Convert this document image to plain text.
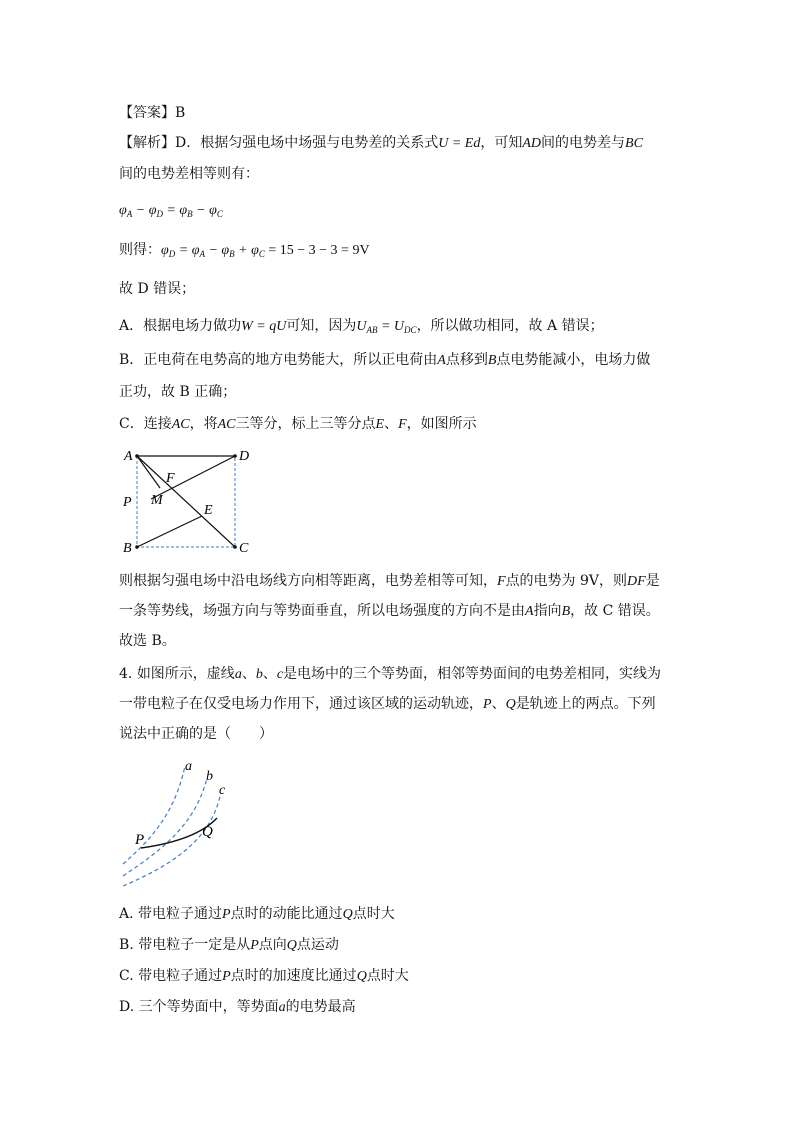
【答案】B
【解析】D．根据匀强电场中场强与电势差的关系式U = Ed，可知AD间的电势差与BC
间的电势差相等则有：
$\varphi_A - \varphi_D = \varphi_B - \varphi_C$
则得：$\varphi_D = \varphi_A - \varphi_B + \varphi_C = 15 - 3 - 3 = 9V$
故 D 错误；
A．根据电场力做功W = qU可知，因为$U_{AB} = U_{DC}$，所以做功相同，故 A 错误；
B．正电荷在电势高的地方电势能大，所以正电荷由A点移到B点电势能减小，电场力做
正功，故 B 正确；
C．连接AC，将AC三等分，标上三等分点E、F，如图所示
A	D
F
P M
E
B	C
则根据匀强电场中沿电场线方向相等距离，电势差相等可知，F点的电势为 9V，则DF是
一条等势线，场强方向与等势面垂直，所以电场强度的方向不是由A指向B，故 C 错误。
故选 B。
4. 如图所示，虚线a、b、c是电场中的三个等势面，相邻等势面间的电势差相同，实线为
一带电粒子在仅受电场力作用下，通过该区域的运动轨迹，P、Q是轨迹上的两点。下列
说法中正确的是（　　）
a
b
c
P	Q
A. 带电粒子通过P点时的动能比通过Q点时大
B. 带电粒子一定是从P点向Q点运动
C. 带电粒子通过P点时的加速度比通过Q点时大
D. 三个等势面中，等势面a的电势最高
